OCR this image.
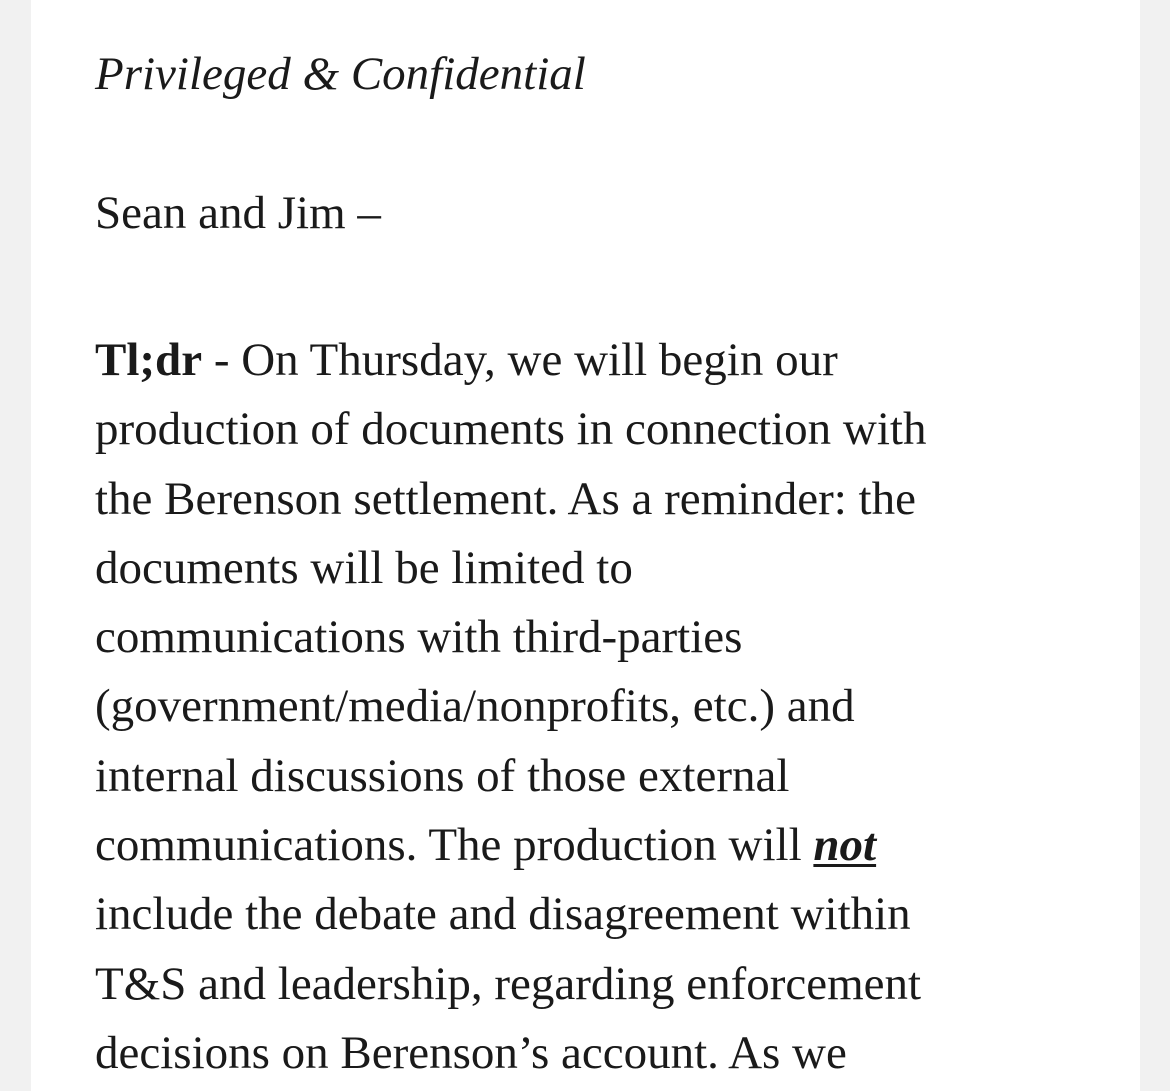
Privileged & Confidential
Sean and Jim –
Tl;dr - On Thursday, we will begin our
production of documents in connection with
the Berenson settlement. As a reminder: the
documents will be limited to
communications with third-parties
(government/media/nonprofits, etc.) and
internal discussions of those external
communications. The production will not
include the debate and disagreement within
T&S and leadership, regarding enforcement
decisions on Berenson’s account. As we
